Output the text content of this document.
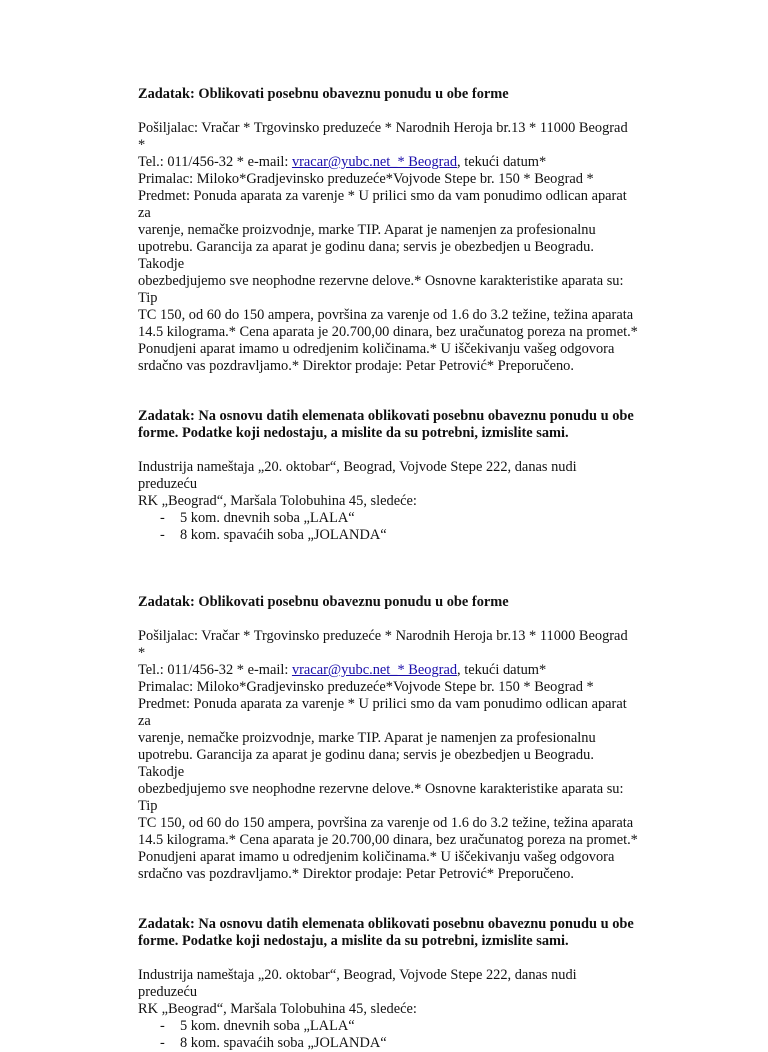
Zadatak: Oblikovati posebnu obaveznu ponudu u obe forme

Pošiljalac: Vračar * Trgovinsko preduzeće * Narodnih Heroja br.13 * 11000 Beograd *

Tel.: 011/456-32 * e-mail: vracar@yubc.net_* Beograd, tekući datum*

Primalac: Miloko*Gradjevinsko preduzeće*Vojvode Stepe br. 150 * Beograd *

Predmet: Ponuda aparata za varenje * U prilici smo da vam ponudimo odlican aparat za

varenje, nemačke proizvodnje, marke TIP. Aparat je namenjen za profesionalnu

upotrebu. Garancija za aparat je godinu dana; servis je obezbedjen u Beogradu. Takodje

obezbedjujemo sve neophodne rezervne delove.* Osnovne karakteristike aparata su: Tip

TC 150, od 60 do 150 ampera, površina za varenje od 1.6 do 3.2 težine, težina aparata

14.5 kilograma.* Cena aparata je 20.700,00 dinara, bez uračunatog poreza na promet.*

Ponudjeni aparat imamo u odredjenim količinama.* U iščekivanju vašeg odgovora

srdačno vas pozdravljamo.* Direktor prodaje: Petar Petrović* Preporučeno.

Zadatak: Na osnovu datih elemenata oblikovati posebnu obaveznu ponudu u obe

forme. Podatke koji nedostaju, a mislite da su potrebni, izmislite sami.

Industrija nameštaja „20. oktobar“, Beograd, Vojvode Stepe 222, danas nudi preduzeću

RK „Beograd“, Maršala Tolobuhina 45, sledeće:

- 5 kom. dnevnih soba „LALA“
- 8 kom. spavaćih soba „JOLANDA“

Zadatak: Oblikovati posebnu obaveznu ponudu u obe forme

Pošiljalac: Vračar * Trgovinsko preduzeće * Narodnih Heroja br.13 * 11000 Beograd *

Tel.: 011/456-32 * e-mail: vracar@yubc.net_* Beograd, tekući datum*

Primalac: Miloko*Gradjevinsko preduzeće*Vojvode Stepe br. 150 * Beograd *

Predmet: Ponuda aparata za varenje * U prilici smo da vam ponudimo odlican aparat za

varenje, nemačke proizvodnje, marke TIP. Aparat je namenjen za profesionalnu

upotrebu. Garancija za aparat je godinu dana; servis je obezbedjen u Beogradu. Takodje

obezbedjujemo sve neophodne rezervne delove.* Osnovne karakteristike aparata su: Tip

TC 150, od 60 do 150 ampera, površina za varenje od 1.6 do 3.2 težine, težina aparata

14.5 kilograma.* Cena aparata je 20.700,00 dinara, bez uračunatog poreza na promet.*

Ponudjeni aparat imamo u odredjenim količinama.* U iščekivanju vašeg odgovora

srdačno vas pozdravljamo.* Direktor prodaje: Petar Petrović* Preporučeno.

Zadatak: Na osnovu datih elemenata oblikovati posebnu obaveznu ponudu u obe

forme. Podatke koji nedostaju, a mislite da su potrebni, izmislite sami.

Industrija nameštaja „20. oktobar“, Beograd, Vojvode Stepe 222, danas nudi preduzeću

RK „Beograd“, Maršala Tolobuhina 45, sledeće:

- 5 kom. dnevnih soba „LALA“
- 8 kom. spavaćih soba „JOLANDA“
